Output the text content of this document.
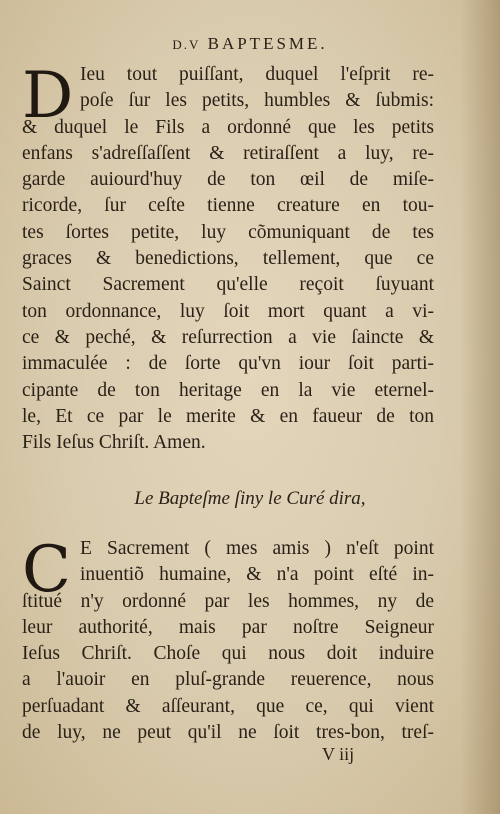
D.V BAPTESME.
D Ieu tout puiſſant, duquel l'eſprit re-
poſe ſur les petits, humbles & ſubmis:
& duquel le Fils a ordonné que les petits
enfans s'adreſſaſſent & retiraſſent a luy, re-
garde auiourd'huy de ton œil de miſe-
ricorde, ſur ceſte tienne creature en tou-
tes ſortes petite, luy cõmuniquant de tes
graces & benedictions, tellement, que ce
Sainct Sacrement qu'elle reçoit ſuyuant
ton ordonnance, luy ſoit mort quant a vi-
ce & peché, & reſurrection a vie ſaincte &
immaculée : de ſorte qu'vn iour ſoit parti-
cipante de ton heritage en la vie eternel-
le, Et ce par le merite & en faueur de ton
Fils Ieſus Chriſt. Amen.
Le Bapteſme ſiny le Curé dira,
C E Sacrement ( mes amis ) n'eſt point
inuentiõ humaine, & n'a point eſté in-
ſtitué n'y ordonné par les hommes, ny de
leur authorité, mais par noſtre Seigneur
Ieſus Chriſt. Choſe qui nous doit induire
a l'auoir en pluſ-grande reuerence, nous
perſuadant & aſſeurant, que ce, qui vient
de luy, ne peut qu'il ne ſoit tres-bon, treſ-
V iij
